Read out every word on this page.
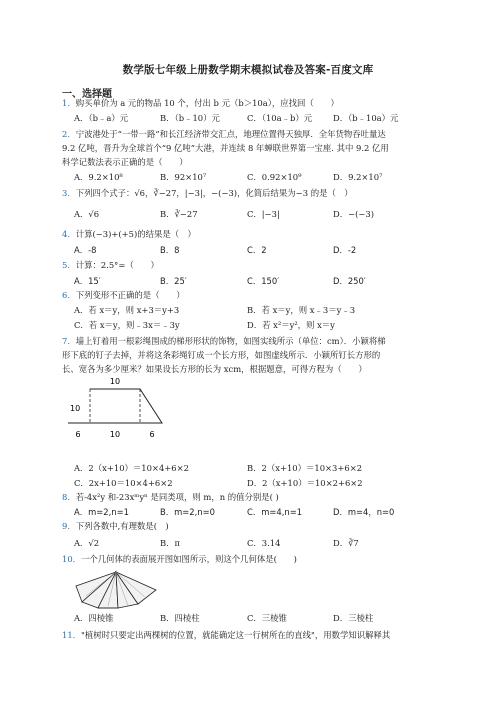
数学版七年级上册数学期末模拟试卷及答案-百度文库
一、选择题
1．购买单价为 a 元的物品 10 个，付出 b 元（b＞10a），应找回（　　）
A．（b﹣a）元	B．（b﹣10）元	C．（10a﹣b）元 D．（b﹣10a）元
2．宁波港处于“一带一路”和长江经济带交汇点，地理位置得天独厚．全年货物吞吐量达
9.2 亿吨，晋升为全球首个“9 亿吨”大港，并连续 8 年蝉联世界第一宝座. 其中 9.2 亿用
科学记数法表示正确的是（　　）
A．9.2×10⁸	B．92×10⁷	C．0.92×10⁹	D．9.2×10⁷
3．下列四个式子：√6，∛−27，|−3|，−(−3)，化简后结果为−3 的是（　）
A．√6	B．∛−27	C．|−3|	D．−(−3)
4．计算(−3)+(+5)的结果是（　）
A．-8	B．8	C．2	D．-2
5．计算：2.5°=（　　）
A．15′	B．25′	C．150′	D．250′
6．下列变形不正确的是（　　）
A．若 x＝y，则 x+3＝y+3	B．若 x＝y，则 x﹣3＝y﹣3
C．若 x＝y，则﹣3x＝﹣3y	D．若 x²＝y²，则 x＝y
7．墙上钉着用一根彩绳围成的梯形形状的饰物，如图实线所示（单位：cm）．小颖将梯
形下底的钉子去掉，并将这条彩绳钉成一个长方形，如图虚线所示．小颖所钉长方形的
长、宽各为多少厘米？如果设长方形的长为 xcm，根据题意，可得方程为（　　）
10
10
6	10	6
A．2（x+10）＝10×4+6×2	B．2（x+10）＝10×3+6×2
C．2x+10＝10×4+6×2	D．2（x+10）＝10×2+6×2
8．若-4x²y 和-23xᵐyⁿ 是同类项，则 m，n 的值分别是( )
A．m=2,n=1	B．m=2,n=0	C．m=4,n=1	D．m=4，n=0
9．下列各数中,有理数是(　)
A．√2	B．π	C．3.14	D．∛7
10．一个几何体的表面展开图如图所示，则这个几何体是(　　)
A．四棱锥	B．四棱柱	C．三棱锥	D．三棱柱
11．"植树时只要定出两棵树的位置，就能确定这一行树所在的直线"，用数学知识解释其
